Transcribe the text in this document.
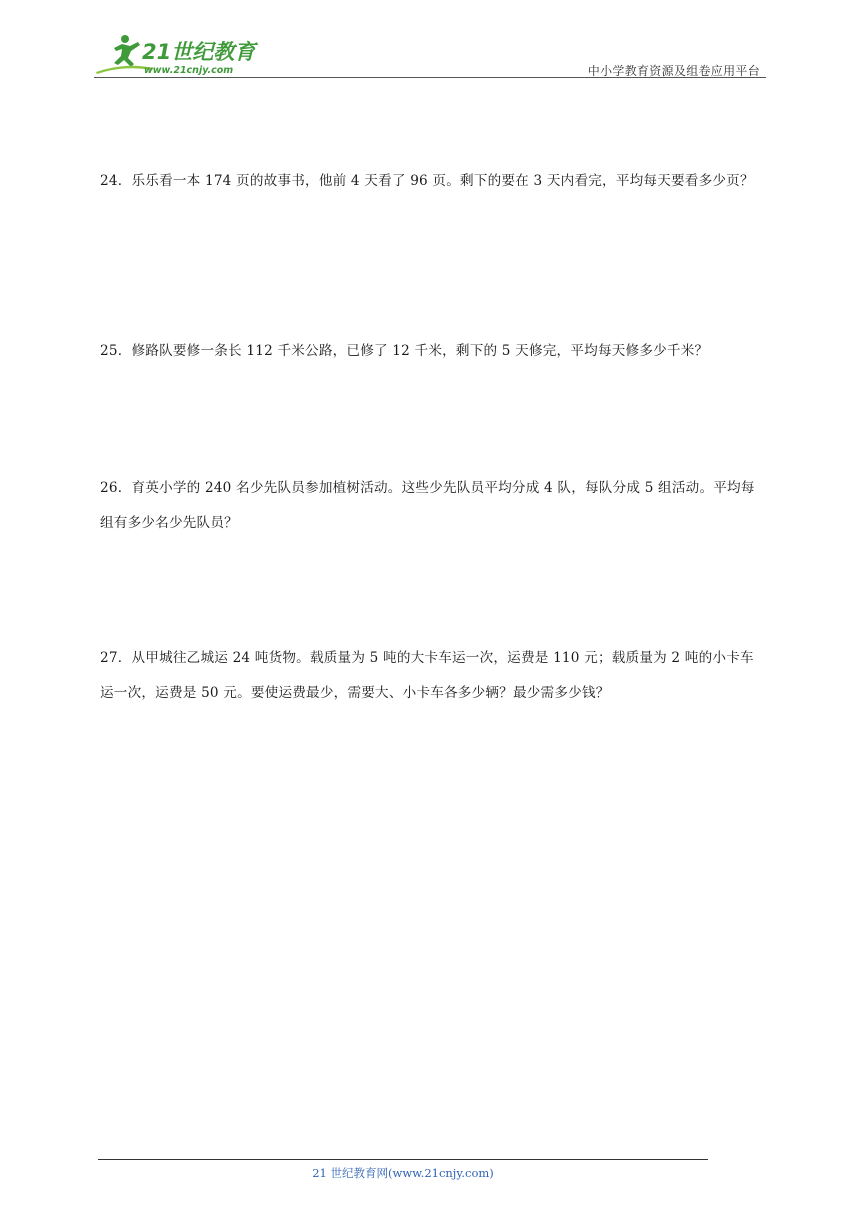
21世纪教育
www.21cnjy.com	中小学教育资源及组卷应用平台
24．乐乐看一本 174 页的故事书，他前 4 天看了 96 页。剩下的要在 3 天内看完，平均每天要看多少页？
25．修路队要修一条长 112 千米公路，已修了 12 千米，剩下的 5 天修完，平均每天修多少千米？
26．育英小学的 240 名少先队员参加植树活动。这些少先队员平均分成 4 队，每队分成 5 组活动。平均每组有多少名少先队员？
27．从甲城往乙城运 24 吨货物。载质量为 5 吨的大卡车运一次，运费是 110 元；载质量为 2 吨的小卡车运一次，运费是 50 元。要使运费最少，需要大、小卡车各多少辆？最少需多少钱？
21 世纪教育网(www.21cnjy.com)
